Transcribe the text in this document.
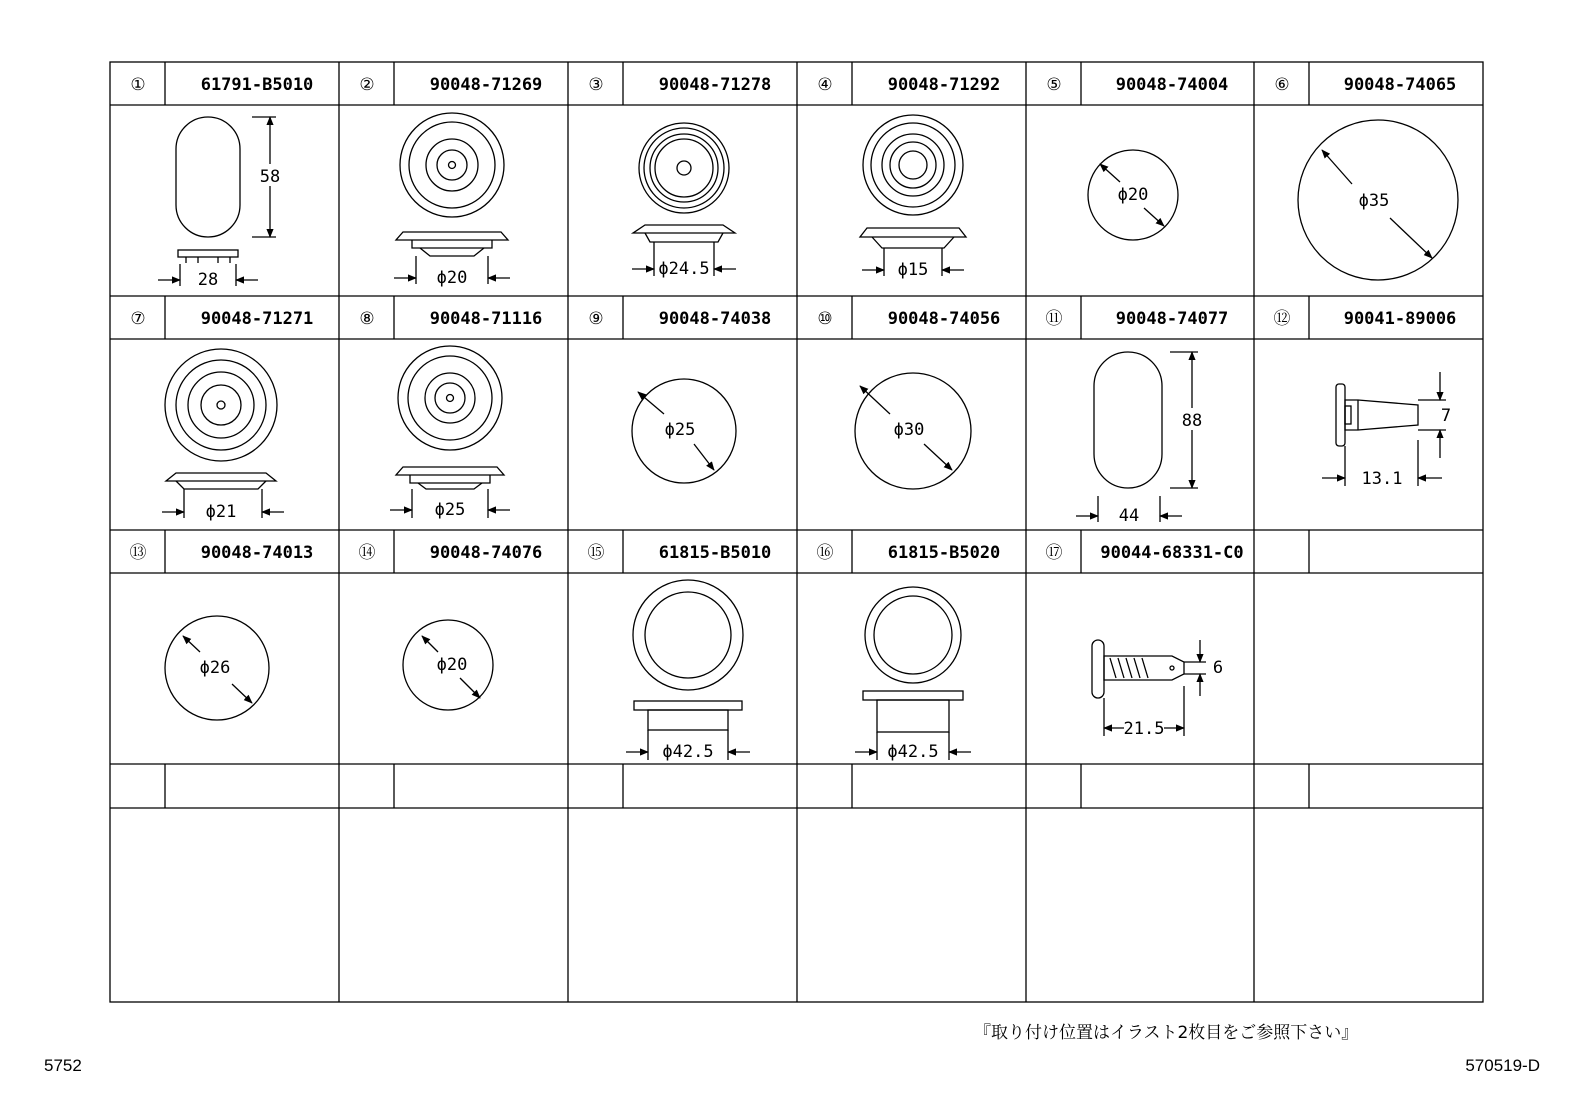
①	61791-B5010	②	90048-71269	③	90048-71278	④	90048-71292	⑤	90048-74004	⑥	90048-74065
⑦	90048-71271	⑧	90048-71116	⑨	90048-74038	⑩	90048-74056	⑪	90048-74077	⑫	90041-89006
⑬	90048-74013	⑭	90048-74076	⑮	61815-B5010	⑯	61815-B5020	⑰ 90044-68331-C0
58
28	ϕ20	ϕ24.5	ϕ15
ϕ20	ϕ35
ϕ21	ϕ25
ϕ25	ϕ30	88
44
7
13.1
ϕ26	ϕ20
ϕ42.5	ϕ42.5
6
21.5
『取り付け位置はイラスト2枚目をご参照下さい』
5752	570519-D
